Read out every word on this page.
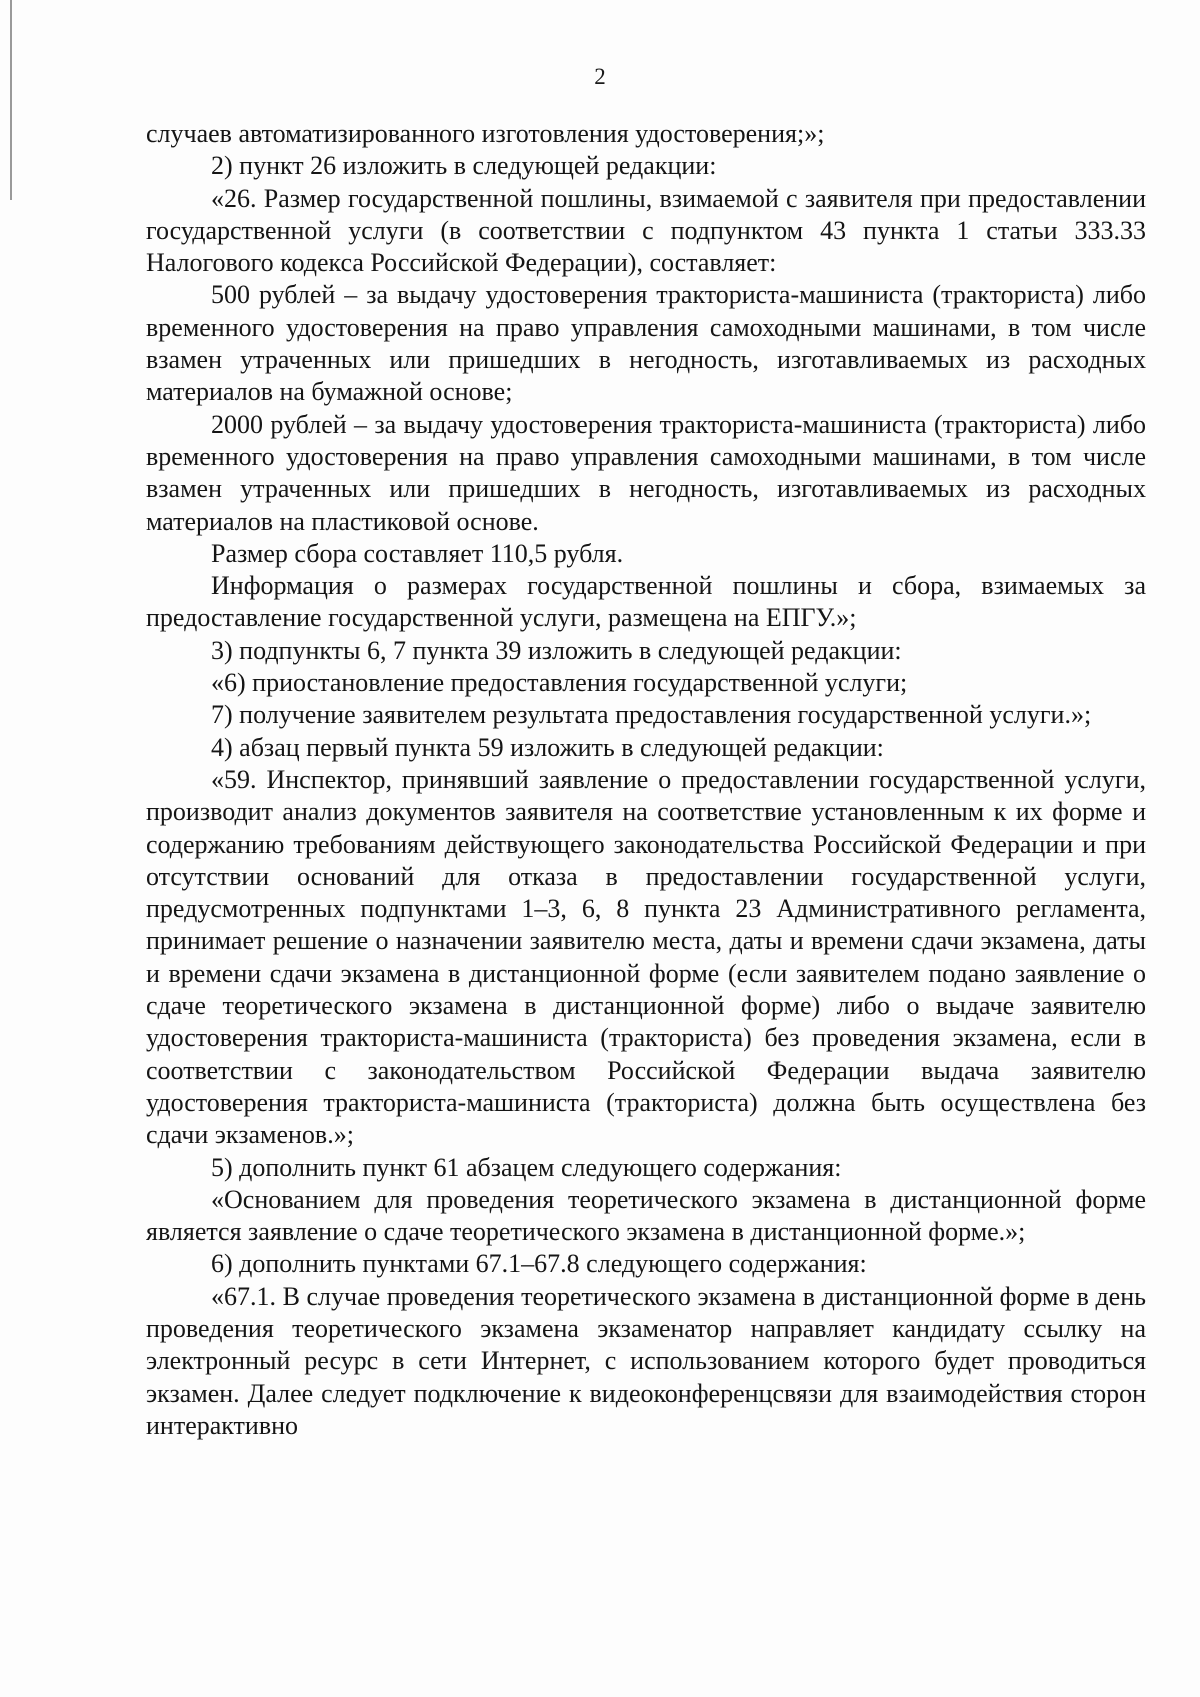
2

случаев автоматизированного изготовления удостоверения;»;

2) пункт 26 изложить в следующей редакции:

«26. Размер государственной пошлины, взимаемой с заявителя при предоставлении государственной услуги (в соответствии с подпунктом 43 пункта 1 статьи 333.33 Налогового кодекса Российской Федерации), составляет:

500 рублей – за выдачу удостоверения тракториста-машиниста (тракториста) либо временного удостоверения на право управления самоходными машинами, в том числе взамен утраченных или пришедших в негодность, изготавливаемых из расходных материалов на бумажной основе;

2000 рублей – за выдачу удостоверения тракториста-машиниста (тракториста) либо временного удостоверения на право управления самоходными машинами, в том числе взамен утраченных или пришедших в негодность, изготавливаемых из расходных материалов на пластиковой основе.

Размер сбора составляет 110,5 рубля.

Информация о размерах государственной пошлины и сбора, взимаемых за предоставление государственной услуги, размещена на ЕПГУ.»;

3) подпункты 6, 7 пункта 39 изложить в следующей редакции:

«6) приостановление предоставления государственной услуги;

7) получение заявителем результата предоставления государственной услуги.»;

4) абзац первый пункта 59 изложить в следующей редакции:

«59. Инспектор, принявший заявление о предоставлении государственной услуги, производит анализ документов заявителя на соответствие установленным к их форме и содержанию требованиям действующего законодательства Российской Федерации и при отсутствии оснований для отказа в предоставлении государственной услуги, предусмотренных подпунктами 1–3, 6, 8 пункта 23 Административного регламента, принимает решение о назначении заявителю места, даты и времени сдачи экзамена, даты и времени сдачи экзамена в дистанционной форме (если заявителем подано заявление о сдаче теоретического экзамена в дистанционной форме) либо о выдаче заявителю удостоверения тракториста-машиниста (тракториста) без проведения экзамена, если в соответствии с законодательством Российской Федерации выдача заявителю удостоверения тракториста-машиниста (тракториста) должна быть осуществлена без сдачи экзаменов.»;

5) дополнить пункт 61 абзацем следующего содержания:

«Основанием для проведения теоретического экзамена в дистанционной форме является заявление о сдаче теоретического экзамена в дистанционной форме.»;

6) дополнить пунктами 67.1–67.8 следующего содержания:

«67.1. В случае проведения теоретического экзамена в дистанционной форме в день проведения теоретического экзамена экзаменатор направляет кандидату ссылку на электронный ресурс в сети Интернет, с использованием которого будет проводиться экзамен. Далее следует подключение к видеоконференцсвязи для взаимодействия сторон интерактивно
